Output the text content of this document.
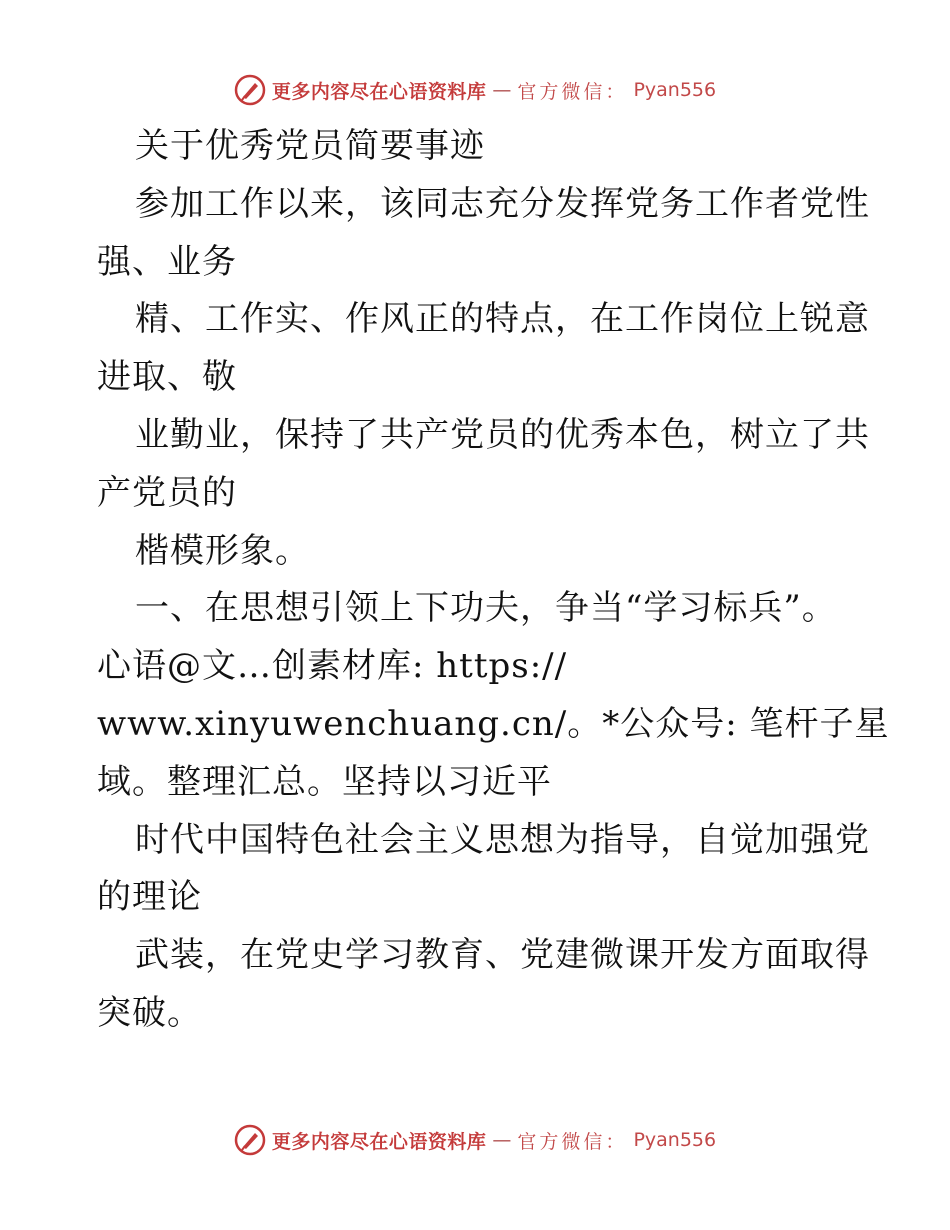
更多内容尽在心语资料库 — 官方微信： Pyan556
关于优秀党员简要事迹
参加工作以来，该同志充分发挥党务工作者党性
强、业务
精、工作实、作风正的特点，在工作岗位上锐意
进取、敬
业勤业，保持了共产党员的优秀本色，树立了共
产党员的
楷模形象。
一、在思想引领上下功夫，争当“学习标兵”。
心语@文…创素材库: https://
www.xinyuwenchuang.cn/。*公众号: 笔杆子星
域。整理汇总。坚持以习近平
时代中国特色社会主义思想为指导，自觉加强党
的理论
武装，在党史学习教育、党建微课开发方面取得
突破。
更多内容尽在心语资料库 — 官方微信： Pyan556
